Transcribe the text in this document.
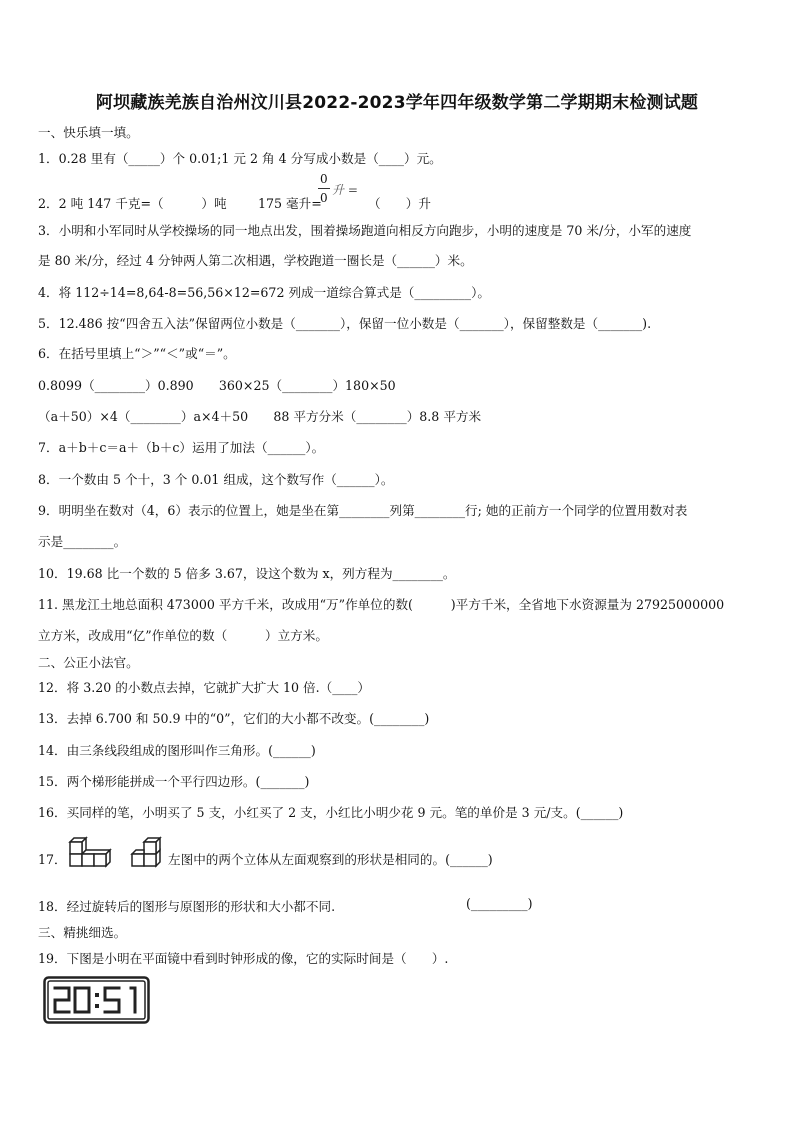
阿坝藏族羌族自治州汶川县2022-2023学年四年级数学第二学期期末检测试题
一、快乐填一填。
1．0.28 里有（_____）个 0.01;1 元 2 角 4 分写成小数是（____）元。
2．2 吨 147 千克=（　　　）吨 175 毫升=
0
0
升 =
（　　）升
3．小明和小军同时从学校操场的同一地点出发，围着操场跑道向相反方向跑步，小明的速度是 70 米/分，小军的速度
是 80 米/分，经过 4 分钟两人第二次相遇，学校跑道一圈长是（______）米。
4．将 112÷14=8,64-8=56,56×12=672 列成一道综合算式是（_________）。
5．12.486 按“四舍五入法”保留两位小数是（_______），保留一位小数是（_______），保留整数是（_______).
6．在括号里填上“＞”“＜”或“＝”。
0.8099（________）0.890　　360×25（________）180×50
（a＋50）×4（________）a×4＋50　　88 平方分米（________）8.8 平方米
7．a＋b＋c＝a＋（b＋c）运用了加法（______）。
8．一个数由 5 个十，3 个 0.01 组成，这个数写作（______）。
9．明明坐在数对（4，6）表示的位置上，她是坐在第________列第________行; 她的正前方一个同学的位置用数对表
示是________。
10．19.68 比一个数的 5 倍多 3.67，设这个数为 x，列方程为________。
11. 黑龙江土地总面积 473000 平方千米，改成用“万”作单位的数(　　　)平方千米，全省地下水资源量为 27925000000
立方米，改成用“亿”作单位的数（　　　）立方米。
二、公正小法官。
12．将 3.20 的小数点去掉，它就扩大扩大 10 倍.（____）
13．去掉 6.700 和 50.9 中的“0”，它们的大小都不改变。(________)
14．由三条线段组成的图形叫作三角形。(______)
15．两个梯形能拼成一个平行四边形。(_______)
16．买同样的笔，小明买了 5 支，小红买了 2 支，小红比小明少花 9 元。笔的单价是 3 元/支。(______)
17．	左图中的两个立体从左面观察到的形状是相同的。(______)
18．经过旋转后的图形与原图形的形状和大小都不同.	(_________)
三、精挑细选。
19．下图是小明在平面镜中看到时钟形成的像，它的实际时间是（　　）.
